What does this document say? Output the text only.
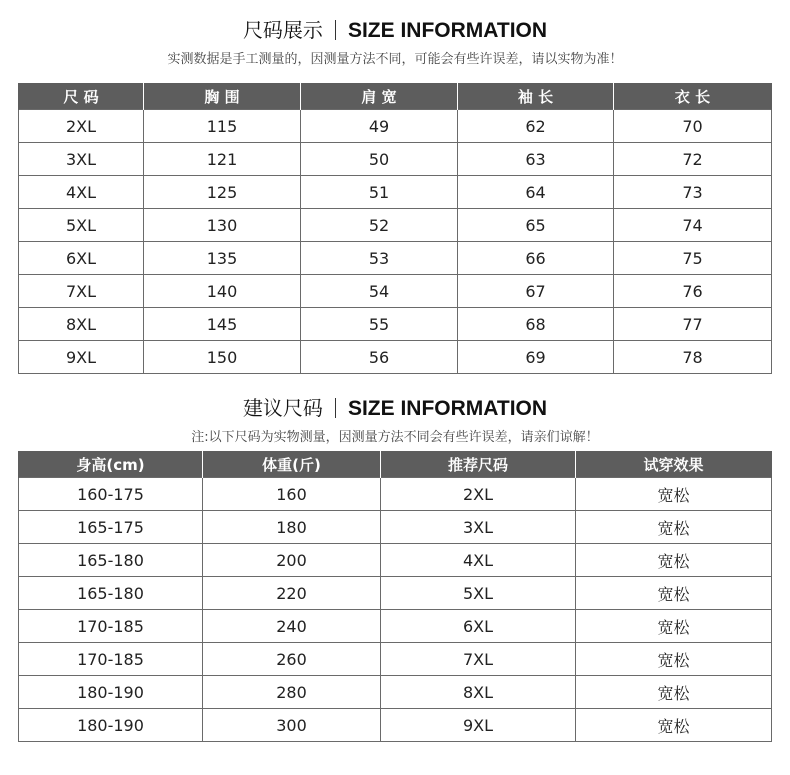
尺码展示 SIZE INFORMATION
实测数据是手工测量的，因测量方法不同，可能会有些许误差，请以实物为准！
尺 码	胸 围	肩 宽	袖 长	衣 长
2XL	115	49	62	70
3XL	121	50	63	72
4XL	125	51	64	73
5XL	130	52	65	74
6XL	135	53	66	75
7XL	140	54	67	76
8XL	145	55	68	77
9XL	150	56	69	78
建议尺码 SIZE INFORMATION
注:以下尺码为实物测量，因测量方法不同会有些许误差，请亲们谅解！
身高(cm)	体重(斤)	推荐尺码	试穿效果
160-175	160	2XL	宽松
165-175	180	3XL	宽松
165-180	200	4XL	宽松
165-180	220	5XL	宽松
170-185	240	6XL	宽松
170-185	260	7XL	宽松
180-190	280	8XL	宽松
180-190	300	9XL	宽松
